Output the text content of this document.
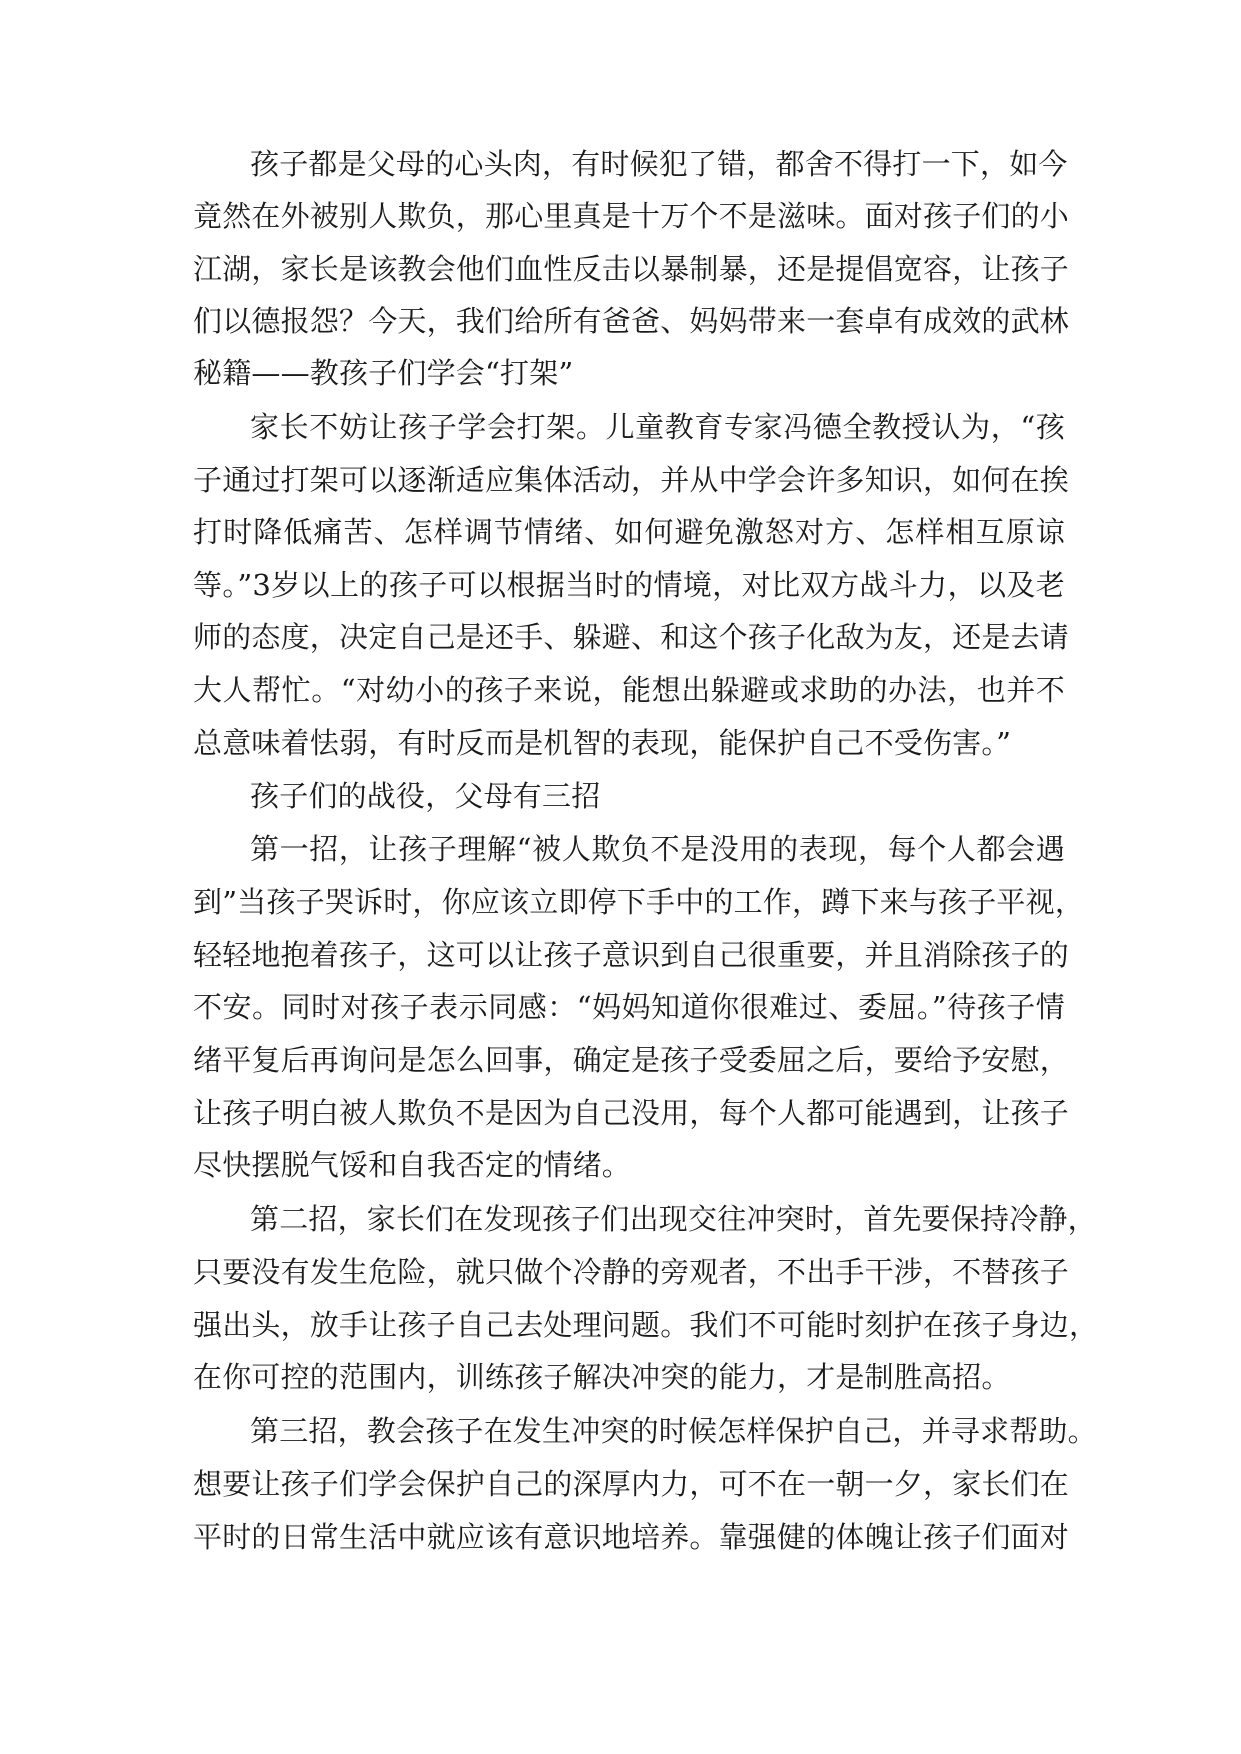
孩子都是父母的心头肉，有时候犯了错，都舍不得打一下，如今
竟然在外被别人欺负，那心里真是十万个不是滋味。面对孩子们的小
江湖，家长是该教会他们血性反击以暴制暴，还是提倡宽容，让孩子
们以德报怨？今天，我们给所有爸爸、妈妈带来一套卓有成效的武林
秘籍——教孩子们学会“打架”
家长不妨让孩子学会打架。儿童教育专家冯德全教授认为，“孩
子通过打架可以逐渐适应集体活动，并从中学会许多知识，如何在挨
打时降低痛苦、怎样调节情绪、如何避免激怒对方、怎样相互原谅
等。”3岁以上的孩子可以根据当时的情境，对比双方战斗力，以及老
师的态度，决定自己是还手、躲避、和这个孩子化敌为友，还是去请
大人帮忙。“对幼小的孩子来说，能想出躲避或求助的办法，也并不
总意味着怯弱，有时反而是机智的表现，能保护自己不受伤害。”
孩子们的战役，父母有三招
第一招，让孩子理解“被人欺负不是没用的表现，每个人都会遇
到”当孩子哭诉时，你应该立即停下手中的工作，蹲下来与孩子平视，
轻轻地抱着孩子，这可以让孩子意识到自己很重要，并且消除孩子的
不安。同时对孩子表示同感：“妈妈知道你很难过、委屈。”待孩子情
绪平复后再询问是怎么回事，确定是孩子受委屈之后，要给予安慰，
让孩子明白被人欺负不是因为自己没用，每个人都可能遇到，让孩子
尽快摆脱气馁和自我否定的情绪。
第二招，家长们在发现孩子们出现交往冲突时，首先要保持冷静，
只要没有发生危险，就只做个冷静的旁观者，不出手干涉，不替孩子
强出头，放手让孩子自己去处理问题。我们不可能时刻护在孩子身边，
在你可控的范围内，训练孩子解决冲突的能力，才是制胜高招。
第三招，教会孩子在发生冲突的时候怎样保护自己，并寻求帮助。
想要让孩子们学会保护自己的深厚内力，可不在一朝一夕，家长们在
平时的日常生活中就应该有意识地培养。靠强健的体魄让孩子们面对
